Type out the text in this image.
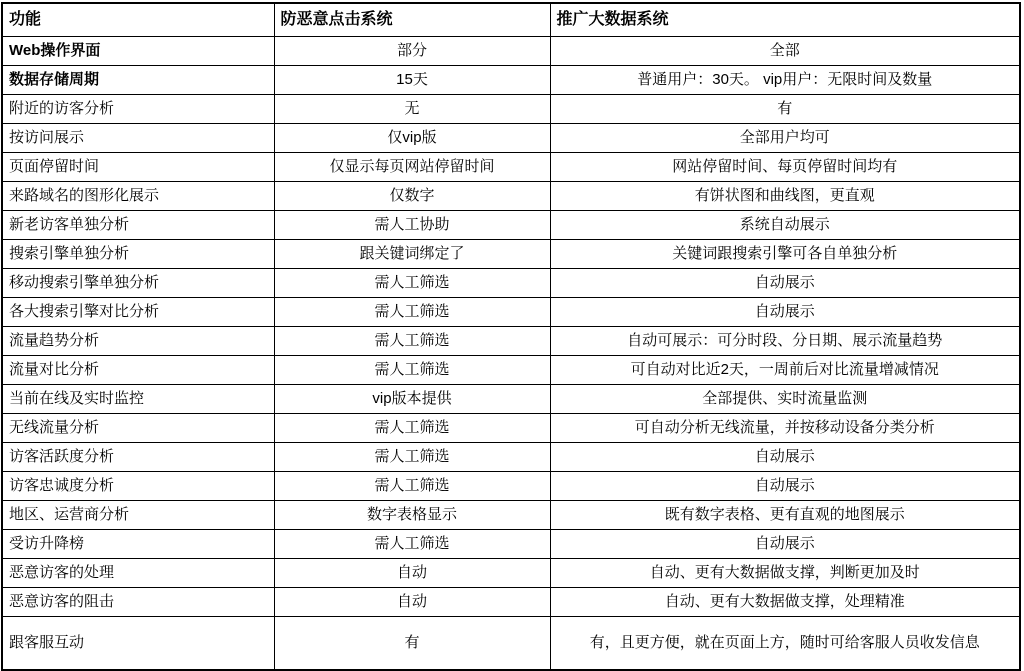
功能	防恶意点击系统	推广大数据系统
Web操作界面	部分	全部
数据存储周期	15天	普通用户：30天。 vip用户：无限时间及数量
附近的访客分析	无	有
按访问展示	仅vip版	全部用户均可
页面停留时间	仅显示每页网站停留时间	网站停留时间、每页停留时间均有
来路域名的图形化展示	仅数字	有饼状图和曲线图，更直观
新老访客单独分析	需人工协助	系统自动展示
搜索引擎单独分析	跟关键词绑定了	关键词跟搜索引擎可各自单独分析
移动搜索引擎单独分析	需人工筛选	自动展示
各大搜索引擎对比分析	需人工筛选	自动展示
流量趋势分析	需人工筛选	自动可展示：可分时段、分日期、展示流量趋势
流量对比分析	需人工筛选	可自动对比近2天，一周前后对比流量增减情况
当前在线及实时监控	vip版本提供	全部提供、实时流量监测
无线流量分析	需人工筛选	可自动分析无线流量，并按移动设备分类分析
访客活跃度分析	需人工筛选	自动展示
访客忠诚度分析	需人工筛选	自动展示
地区、运营商分析	数字表格显示	既有数字表格、更有直观的地图展示
受访升降榜	需人工筛选	自动展示
恶意访客的处理	自动	自动、更有大数据做支撑，判断更加及时
恶意访客的阻击	自动	自动、更有大数据做支撑，处理精准
跟客服互动	有	有，且更方便，就在页面上方，随时可给客服人员收发信息
